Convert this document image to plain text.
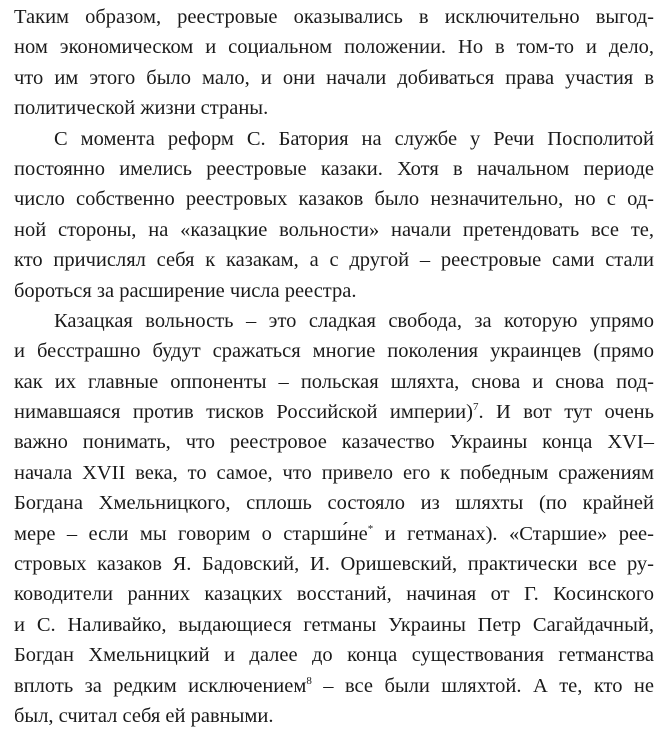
Таким образом, реестровые оказывались в исключительно выгод-
ном экономическом и социальном положении. Но в том-то и дело,
что им этого было мало, и они начали добиваться права участия в
политической жизни страны.
С момента реформ С. Батория на службе у Речи Посполитой
постоянно имелись реестровые казаки. Хотя в начальном периоде
число собственно реестровых казаков было незначительно, но с од-
ной стороны, на «казацкие вольности» начали претендовать все те,
кто причислял себя к казакам, а с другой – реестровые сами стали
бороться за расширение числа реестра.
Казацкая вольность – это сладкая свобода, за которую упрямо
и бесстрашно будут сражаться многие поколения украинцев (прямо
как их главные оппоненты – польская шляхта, снова и снова под-
нимавшаяся против тисков Российской империи)$^7$. И вот тут очень
важно понимать, что реестровое казачество Украины конца XVI–
начала XVII века, то самое, что привело его к победным сражениям
Богдана Хмельницкого, сплошь состояло из шляхты (по крайней
мере – если мы говорим о старши́не* и гетманах). «Старшие» рее-
стровых казаков Я. Бадовский, И. Оришевский, практически все ру-
ководители ранних казацких восстаний, начиная от Г. Косинского
и С. Наливайко, выдающиеся гетманы Украины Петр Сагайдачный,
Богдан Хмельницкий и далее до конца существования гетманства
вплоть за редким исключением$^8$ – все были шляхтой. А те, кто не
был, считал себя ей равными.
